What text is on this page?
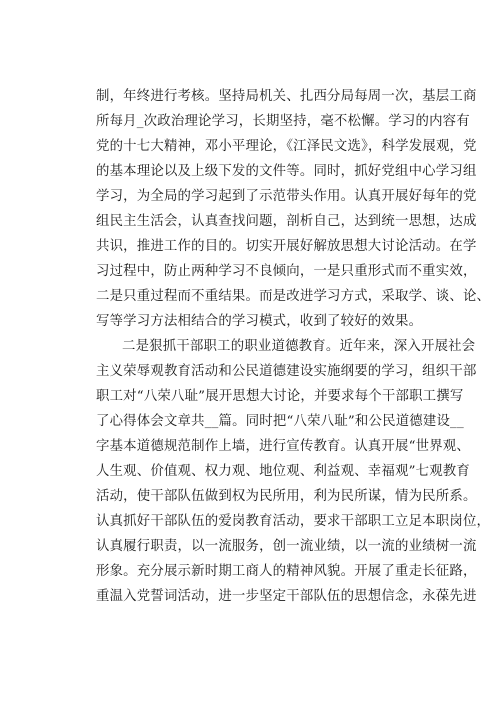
制，年终进行考核。坚持局机关、扎西分局每周一次，基层工商
所每月_次政治理论学习，长期坚持，毫不松懈。学习的内容有
党的十七大精神，邓小平理论，《江泽民文选》，科学发展观，党
的基本理论以及上级下发的文件等。同时，抓好党组中心学习组
学习，为全局的学习起到了示范带头作用。认真开展好每年的党
组民主生活会，认真查找问题，剖析自己，达到统一思想，达成
共识，推进工作的目的。切实开展好解放思想大讨论活动。在学
习过程中，防止两种学习不良倾向，一是只重形式而不重实效，
二是只重过程而不重结果。而是改进学习方式，采取学、谈、论、
写等学习方法相结合的学习模式，收到了较好的效果。
二是狠抓干部职工的职业道德教育。近年来，深入开展社会
主义荣辱观教育活动和公民道德建设实施纲要的学习，组织干部
职工对“八荣八耻”展开思想大讨论，并要求每个干部职工撰写
了心得体会文章共__篇。同时把“八荣八耻”和公民道德建设__
字基本道德规范制作上墙，进行宣传教育。认真开展“世界观、
人生观、价值观、权力观、地位观、利益观、幸福观”七观教育
活动，使干部队伍做到权为民所用，利为民所谋，情为民所系。
认真抓好干部队伍的爱岗教育活动，要求干部职工立足本职岗位，
认真履行职责，以一流服务，创一流业绩，以一流的业绩树一流
形象。充分展示新时期工商人的精神风貌。开展了重走长征路，
重温入党誓词活动，进一步坚定干部队伍的思想信念，永葆先进
